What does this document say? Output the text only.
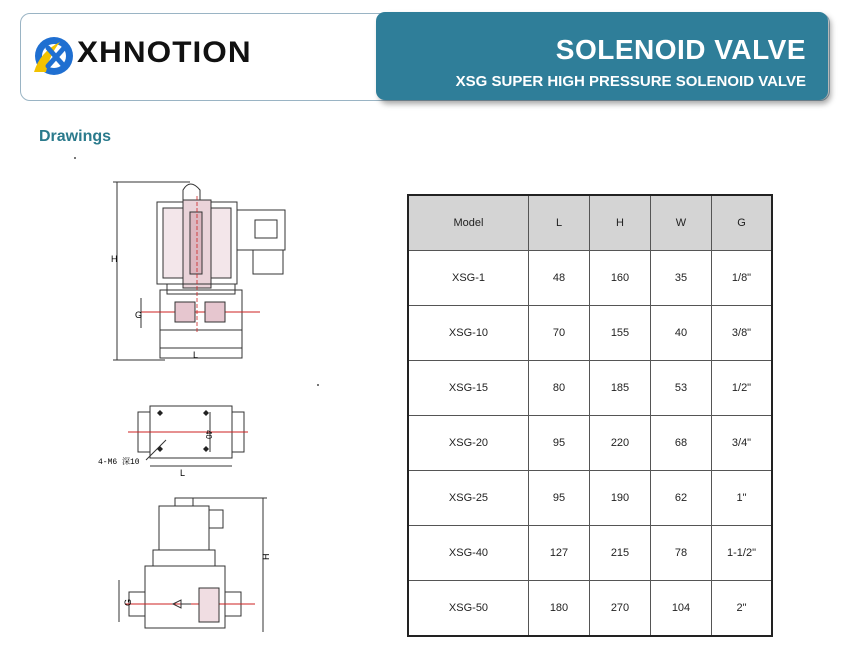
XHNOTION	SOLENOID VALVE
XSG SUPER HIGH PRESSURE SOLENOID VALVE
Drawings
H
G
L
40
4-M6 深10
L
H
G
Model	L	H	W	G
XSG-1	48	160	35	1/8"
XSG-10	70	155	40	3/8"
XSG-15	80	185	53	1/2"
XSG-20	95	220	68	3/4"
XSG-25	95	190	62	1"
XSG-40	127	215	78	1-1/2"
XSG-50	180	270	104	2"
